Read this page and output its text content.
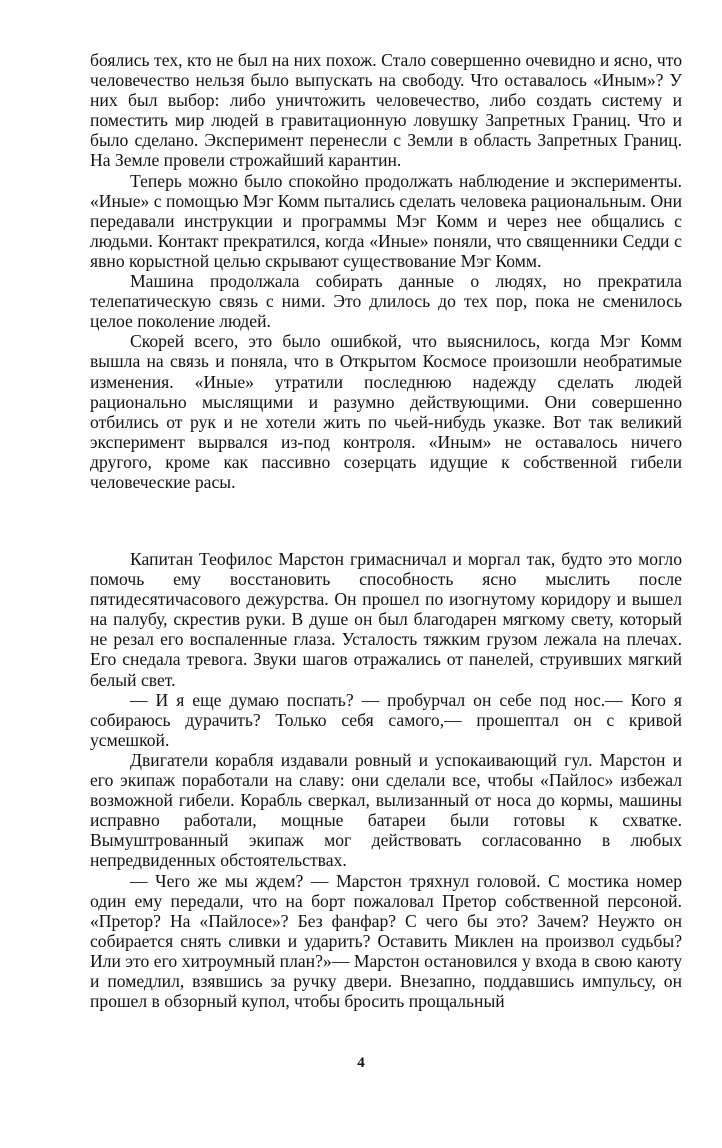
боялись тех, кто не был на них похож. Стало совершенно очевидно и ясно, что человечество нельзя было выпускать на свободу. Что оставалось «Иным»? У них был выбор: либо уничтожить человечество, либо создать систему и поместить мир людей в гравитационную ловушку Запретных Границ. Что и было сделано. Эксперимент перенесли с Земли в область Запретных Границ. На Земле провели строжайший карантин.

Теперь можно было спокойно продолжать наблюдение и эксперименты. «Иные» с помощью Мэг Комм пытались сделать человека рациональным. Они передавали инструкции и программы Мэг Комм и через нее общались с людьми. Контакт прекратился, когда «Иные» поняли, что священники Седди с явно корыстной целью скрывают существование Мэг Комм.

Машина продолжала собирать данные о людях, но прекратила телепатическую связь с ними. Это длилось до тех пор, пока не сменилось целое поколение людей.

Скорей всего, это было ошибкой, что выяснилось, когда Мэг Комм вышла на связь и поняла, что в Открытом Космосе произошли необратимые изменения. «Иные» утратили последнюю надежду сделать людей рационально мыслящими и разумно действующими. Они совершенно отбились от рук и не хотели жить по чьей-нибудь указке. Вот так великий эксперимент вырвался из-под контроля. «Иным» не оставалось ничего другого, кроме как пассивно созерцать идущие к собственной гибели человеческие расы.

Капитан Теофилос Марстон гримасничал и моргал так, будто это могло помочь ему восстановить способность ясно мыслить после пятидесятичасового дежурства. Он прошел по изогнутому коридору и вышел на палубу, скрестив руки. В душе он был благодарен мягкому свету, который не резал его воспаленные глаза. Усталость тяжким грузом лежала на плечах. Его снедала тревога. Звуки шагов отражались от панелей, струивших мягкий белый свет.

— И я еще думаю поспать? — пробурчал он себе под нос.— Кого я собираюсь дурачить? Только себя самого,— прошептал он с кривой усмешкой.

Двигатели корабля издавали ровный и успокаивающий гул. Марстон и его экипаж поработали на славу: они сделали все, чтобы «Пайлос» избежал возможной гибели. Корабль сверкал, вылизанный от носа до кормы, машины исправно работали, мощные батареи были готовы к схватке. Вымуштрованный экипаж мог действовать согласованно в любых непредвиденных обстоятельствах.

— Чего же мы ждем? — Марстон тряхнул головой. С мостика номер один ему передали, что на борт пожаловал Претор собственной персоной. «Претор? На «Пайлосе»? Без фанфар? С чего бы это? Зачем? Неужто он собирается снять сливки и ударить? Оставить Миклен на произвол судьбы? Или это его хитроумный план?»— Марстон остановился у входа в свою каюту и помедлил, взявшись за ручку двери. Внезапно, поддавшись импульсу, он прошел в обзорный купол, чтобы бросить прощальный

4
